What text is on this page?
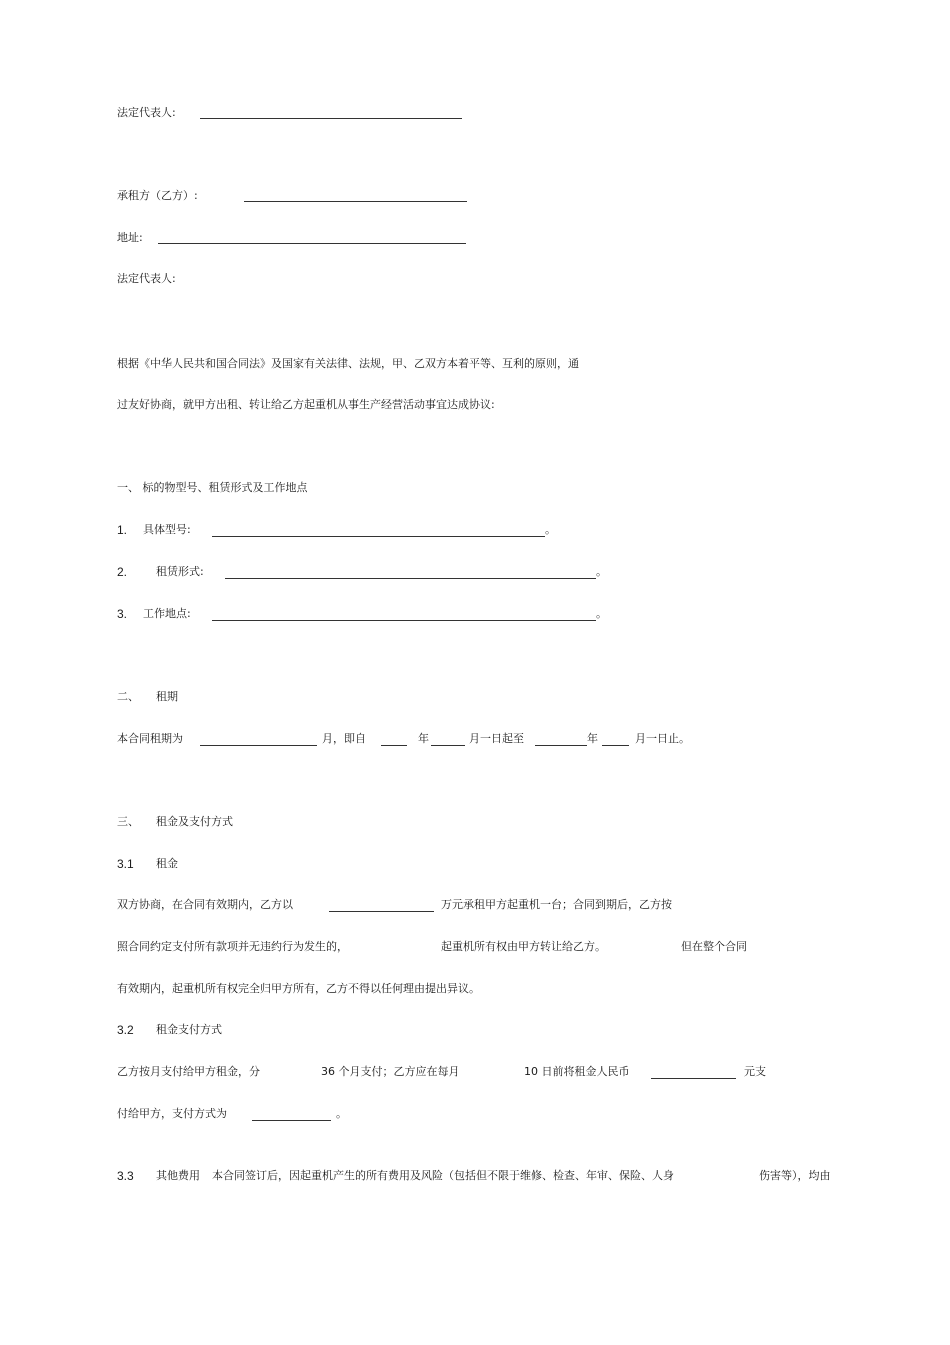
法定代表人:
承租方（乙方）:
地址:
法定代表人:
根据《中华人民共和国合同法》及国家有关法律、法规，甲、乙双方本着平等、互利的原则，通
过友好协商，就甲方出租、转让给乙方起重机从事生产经营活动事宜达成协议:
一、 标的物型号、租赁形式及工作地点
1. 具体型号:	。
2.	租赁形式:	。
3. 工作地点:	。
二、 租期
本合同租期为	月，即自	年	月一日起至	年	月一日止。
三、 租金及支付方式
3.1 租金
双方协商，在合同有效期内，乙方以	万元承租甲方起重机一台；合同到期后，乙方按
照合同约定支付所有款项并无违约行为发生的，	起重机所有权由甲方转让给乙方。	但在整个合同
有效期内，起重机所有权完全归甲方所有，乙方不得以任何理由提出异议。
3.2 租金支付方式
乙方按月支付给甲方租金，分	36 个月支付；乙方应在每月	10 日前将租金人民币	元支
付给甲方，支付方式为	。
3.3 其他费用 本合同签订后，因起重机产生的所有费用及风险（包括但不限于维修、检查、年审、保险、人身	伤害等），均由
